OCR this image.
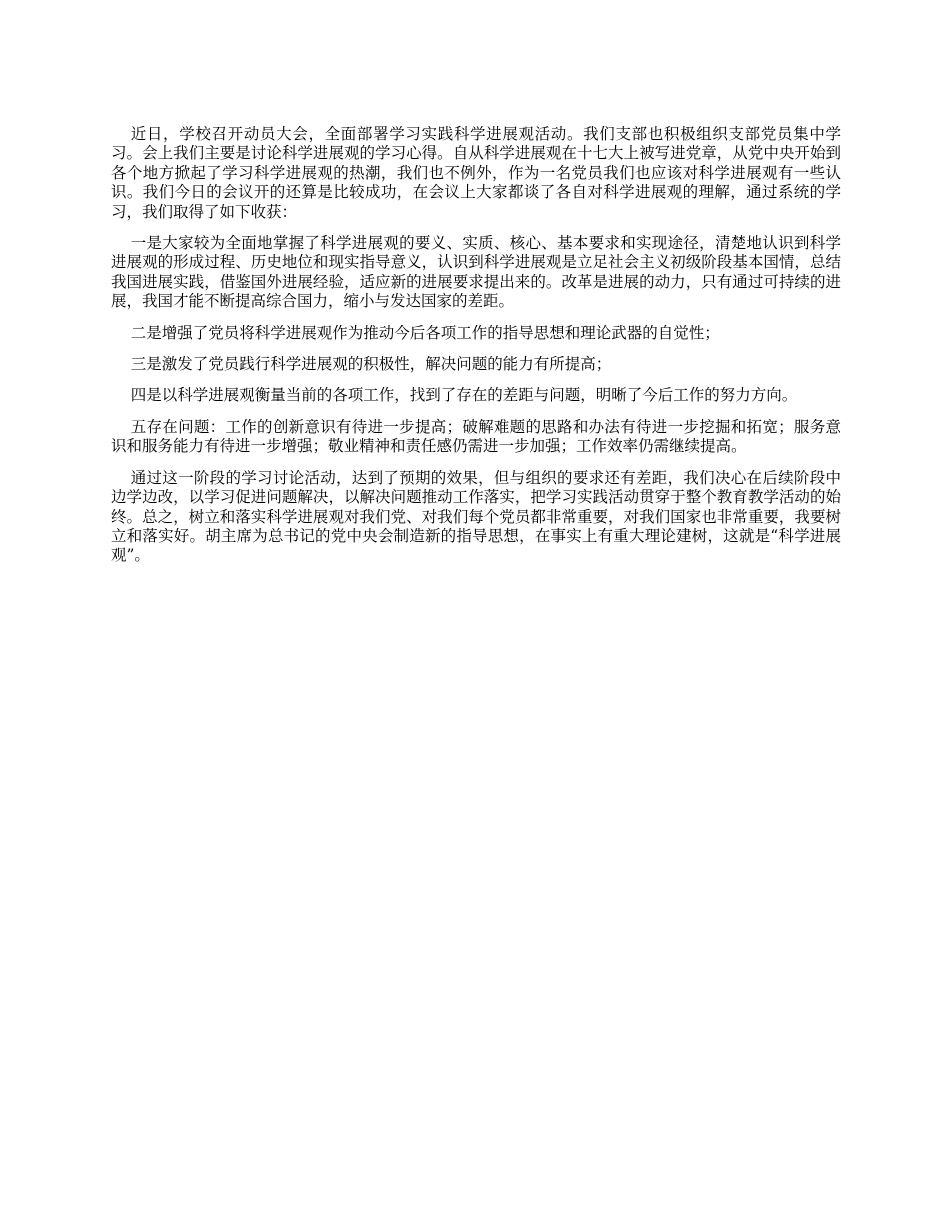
近日，学校召开动员大会，全面部署学习实践科学进展观活动。我们支部也积极组织支部党员集中学习。会上我们主要是讨论科学进展观的学习心得。自从科学进展观在十七大上被写进党章，从党中央开始到各个地方掀起了学习科学进展观的热潮，我们也不例外，作为一名党员我们也应该对科学进展观有一些认识。我们今日的会议开的还算是比较成功，在会议上大家都谈了各自对科学进展观的理解，通过系统的学习，我们取得了如下收获：

一是大家较为全面地掌握了科学进展观的要义、实质、核心、基本要求和实现途径，清楚地认识到科学进展观的形成过程、历史地位和现实指导意义，认识到科学进展观是立足社会主义初级阶段基本国情，总结我国进展实践，借鉴国外进展经验，适应新的进展要求提出来的。改革是进展的动力，只有通过可持续的进展，我国才能不断提高综合国力，缩小与发达国家的差距。

二是增强了党员将科学进展观作为推动今后各项工作的指导思想和理论武器的自觉性；

三是激发了党员践行科学进展观的积极性，解决问题的能力有所提高；

四是以科学进展观衡量当前的各项工作，找到了存在的差距与问题，明晰了今后工作的努力方向。

五存在问题：工作的创新意识有待进一步提高；破解难题的思路和办法有待进一步挖掘和拓宽；服务意识和服务能力有待进一步增强；敬业精神和责任感仍需进一步加强；工作效率仍需继续提高。

通过这一阶段的学习讨论活动，达到了预期的效果，但与组织的要求还有差距，我们决心在后续阶段中边学边改，以学习促进问题解决，以解决问题推动工作落实，把学习实践活动贯穿于整个教育教学活动的始终。总之，树立和落实科学进展观对我们党、对我们每个党员都非常重要，对我们国家也非常重要，我要树立和落实好。胡主席为总书记的党中央会制造新的指导思想，在事实上有重大理论建树，这就是“科学进展观”。
